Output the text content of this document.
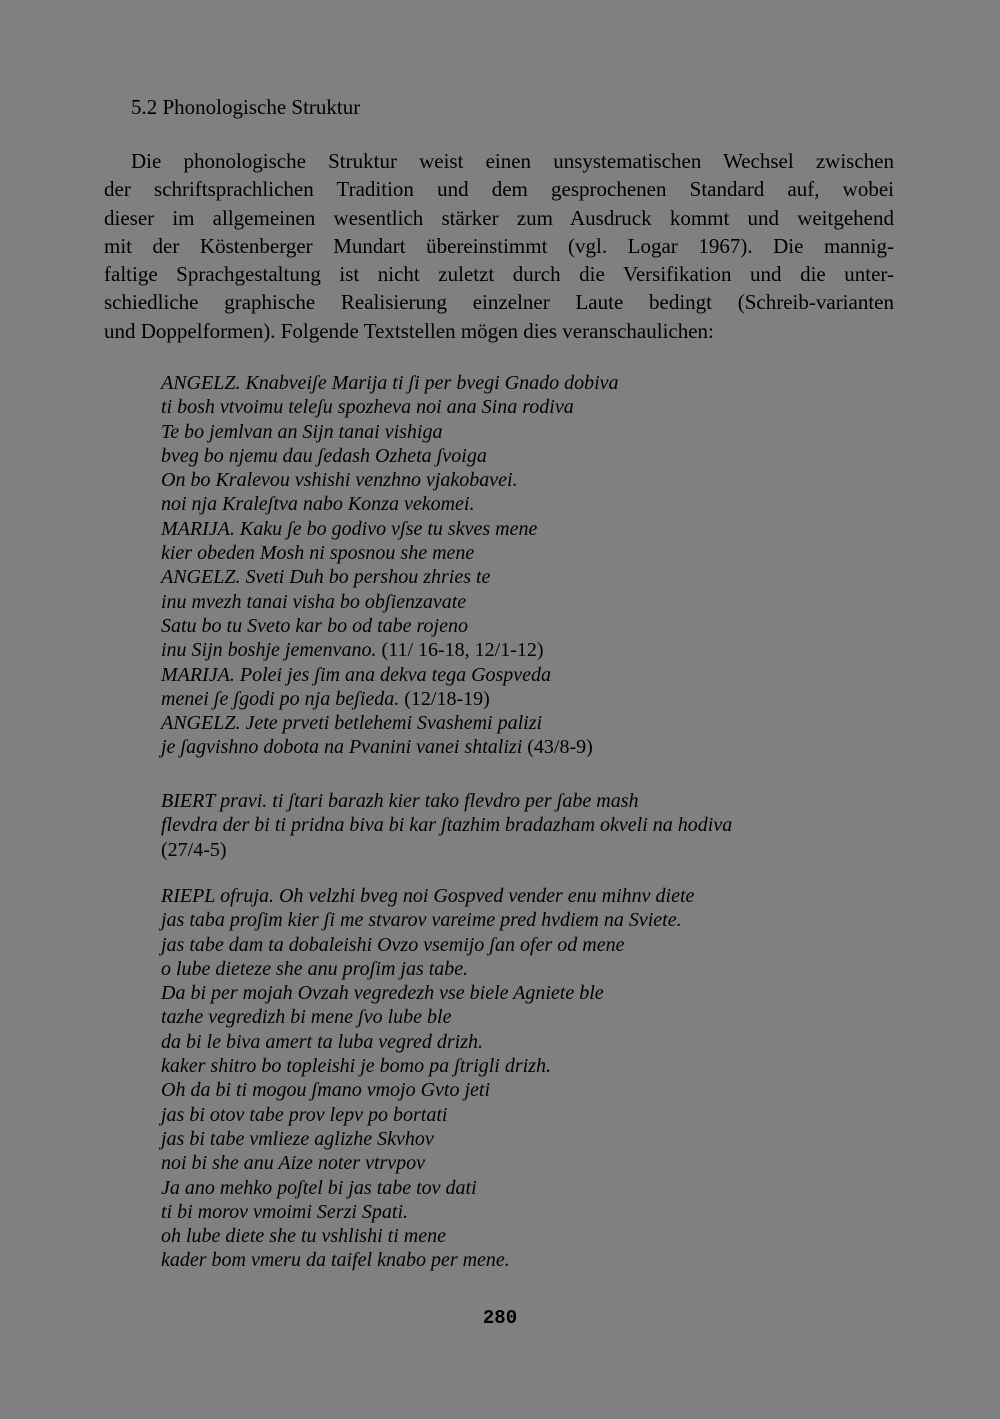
5.2 Phonologische Struktur

Die phonologische Struktur weist einen unsystematischen Wechsel zwischen
der schriftsprachlichen Tradition und dem gesprochenen Standard auf, wobei
dieser im allgemeinen wesentlich stärker zum Ausdruck kommt und weitgehend
mit der Köstenberger Mundart übereinstimmt (vgl. Logar 1967). Die mannig-
faltige Sprachgestaltung ist nicht zuletzt durch die Versifikation und die unter-
schiedliche graphische Realisierung einzelner Laute bedingt (Schreib-varianten
und Doppelformen). Folgende Textstellen mögen dies veranschaulichen:

ANGELZ. Knabveiʃe Marija ti ʃi per bvegi Gnado dobiva
ti bosh vtvoimu teleʃu spozheva noi ana Sina rodiva
Te bo jemlvan an Sijn tanai vishiga
bveg bo njemu dau ʃedash Ozheta ʃvoiga
On bo Kralevou vshishi venzhno vjakobavei.
noi nja Kraleʃtva nabo Konza vekomei.
MARIJA. Kaku ʃe bo godivo vʃse tu skves mene
kier obeden Mosh ni sposnou she mene
ANGELZ. Sveti Duh bo pershou zhries te
inu mvezh tanai visha bo obʃienzavate
Satu bo tu Sveto kar bo od tabe rojeno
inu Sijn boshje jemenvano. (11/ 16-18, 12/1-12)
MARIJA. Polei jes ʃim ana dekva tega Gospveda
menei ʃe ʃgodi po nja beʃieda. (12/18-19)
ANGELZ. Jete prveti betlehemi Svashemi palizi
je ʃagvishno dobota na Pvanini vanei shtalizi (43/8-9)
BIERT pravi. ti ʃtari barazh kier tako flevdro per ʃabe mash
flevdra der bi ti pridna biva bi kar ʃtazhim bradazham okveli na hodiva
(27/4-5)
RIEPL ofruja. Oh velzhi bveg noi Gospved vender enu mihnv diete
jas taba proʃim kier ʃi me stvarov vareime pred hvdiem na Sviete.
jas tabe dam ta dobaleishi Ovzo vsemijo ʃan ofer od mene
o lube dieteze she anu proʃim jas tabe.
Da bi per mojah Ovzah vegredezh vse biele Agniete ble
tazhe vegredizh bi mene ʃvo lube ble
da bi le biva amert ta luba vegred drizh.
kaker shitro bo topleishi je bomo pa ʃtrigli drizh.
Oh da bi ti mogou ʃmano vmojo Gvto jeti
jas bi otov tabe prov lepv po bortati
jas bi tabe vmlieze aglizhe Skvhov
noi bi she anu Aize noter vtrvpov
Ja ano mehko poʃtel bi jas tabe tov dati
ti bi morov vmoimi Serzi Spati.
oh lube diete she tu vshlishi ti mene
kader bom vmeru da taifel knabo per mene.
280
